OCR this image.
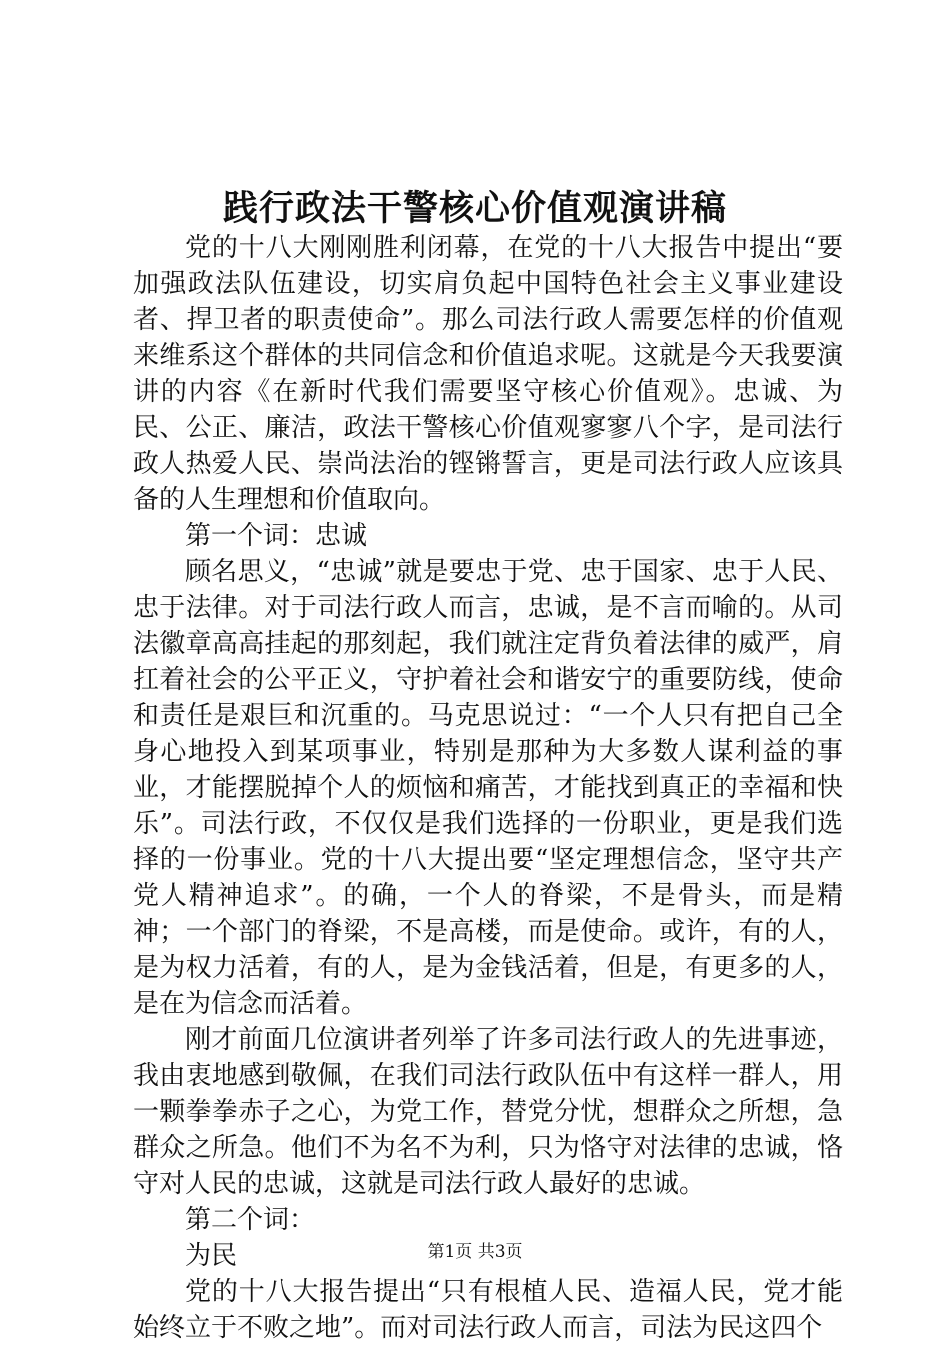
践行政法干警核心价值观演讲稿

党的十八大刚刚胜利闭幕，在党的十八大报告中提出“要加强政法队伍建设，切实肩负起中国特色社会主义事业建设者、捍卫者的职责使命”。那么司法行政人需要怎样的价值观来维系这个群体的共同信念和价值追求呢。这就是今天我要演讲的内容《在新时代我们需要坚守核心价值观》。忠诚、为民、公正、廉洁，政法干警核心价值观寥寥八个字，是司法行政人热爱人民、崇尚法治的铿锵誓言，更是司法行政人应该具备的人生理想和价值取向。

第一个词：忠诚

顾名思义，“忠诚”就是要忠于党、忠于国家、忠于人民、忠于法律。对于司法行政人而言，忠诚，是不言而喻的。从司法徽章高高挂起的那刻起，我们就注定背负着法律的威严，肩扛着社会的公平正义，守护着社会和谐安宁的重要防线，使命和责任是艰巨和沉重的。马克思说过：“一个人只有把自己全身心地投入到某项事业，特别是那种为大多数人谋利益的事业，才能摆脱掉个人的烦恼和痛苦，才能找到真正的幸福和快乐”。司法行政，不仅仅是我们选择的一份职业，更是我们选择的一份事业。党的十八大提出要“坚定理想信念，坚守共产党人精神追求”。的确，一个人的脊梁，不是骨头，而是精神；一个部门的脊梁，不是高楼，而是使命。或许，有的人，是为权力活着，有的人，是为金钱活着，但是，有更多的人，是在为信念而活着。

刚才前面几位演讲者列举了许多司法行政人的先进事迹，我由衷地感到敬佩，在我们司法行政队伍中有这样一群人，用一颗拳拳赤子之心，为党工作，替党分忧，想群众之所想，急群众之所急。他们不为名不为利，只为恪守对法律的忠诚，恪守对人民的忠诚，这就是司法行政人最好的忠诚。

第二个词：

为民

党的十八大报告提出“只有根植人民、造福人民，党才能始终立于不败之地”。而对司法行政人而言，司法为民这四个

第1页 共3页
